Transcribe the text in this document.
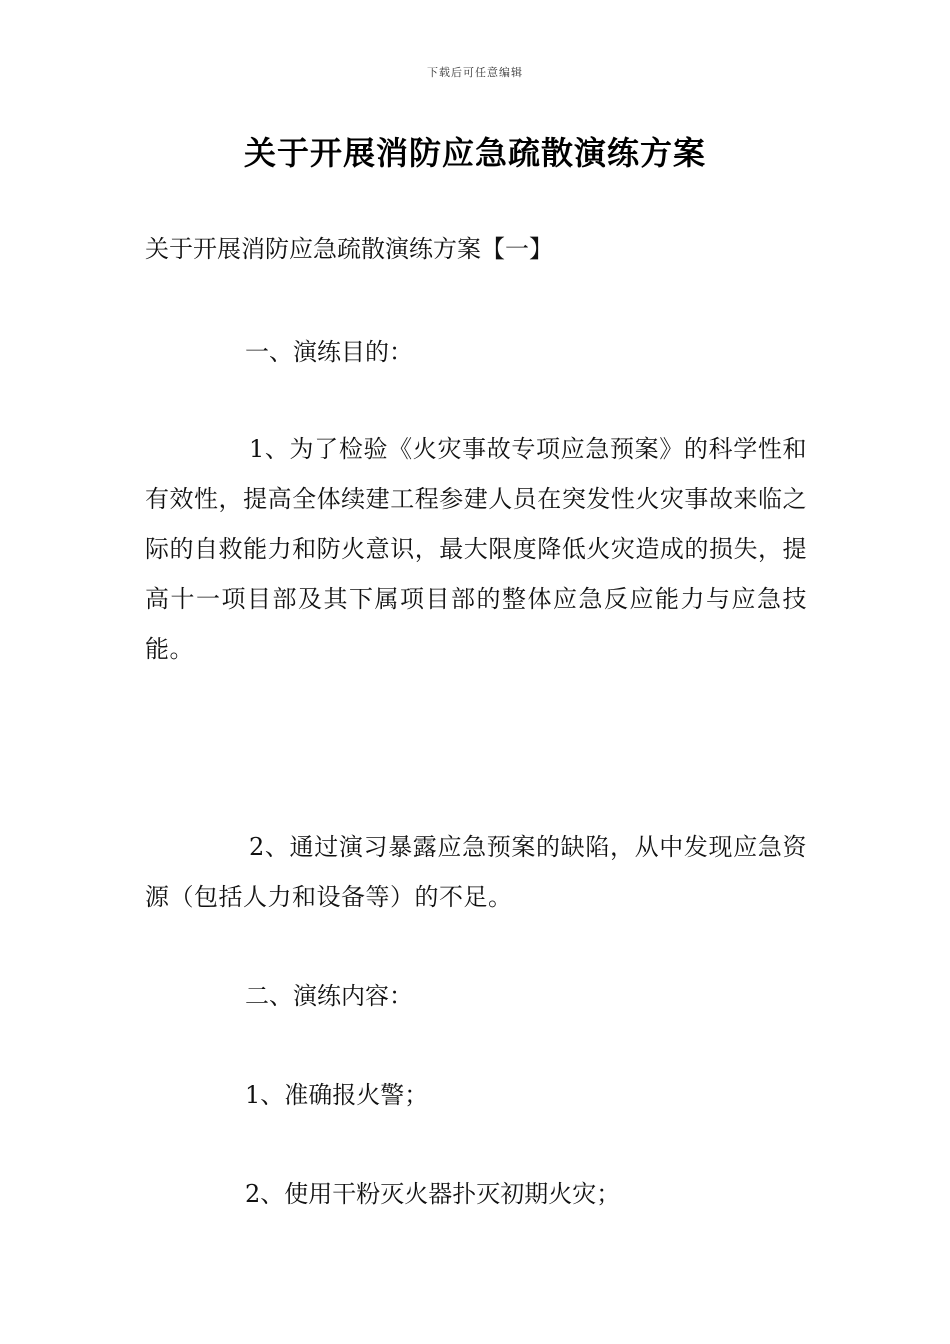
下载后可任意编辑
关于开展消防应急疏散演练方案
关于开展消防应急疏散演练方案【一】
一、演练目的：
1、为了检验《火灾事故专项应急预案》的科学性和有效性，提高全体续建工程参建人员在突发性火灾事故来临之际的自救能力和防火意识，最大限度降低火灾造成的损失，提高十一项目部及其下属项目部的整体应急反应能力与应急技能。
2、通过演习暴露应急预案的缺陷，从中发现应急资源（包括人力和设备等）的不足。
二、演练内容：
1、准确报火警；
2、使用干粉灭火器扑灭初期火灾；
